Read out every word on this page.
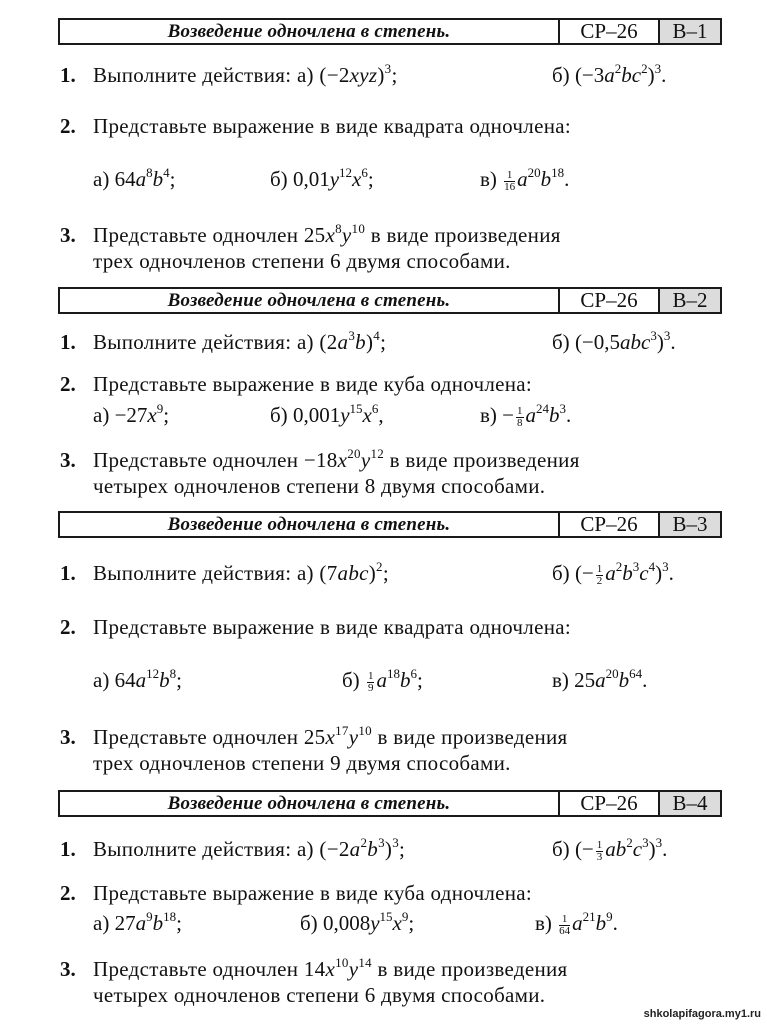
Возведение одночлена в степень.	СР–26	В–1
1. Выполните действия: а) $(-2xyz)^3$;	б) $(-3a^2bc^2)^3$.
2. Представьте выражение в виде квадрата одночлена:
а) $64a^8b^4$;	б) $0,01y^{12}x^6$;	$в) \frac{1}{16} a^{20}b^{18}$.
3. Представьте одночлен $25x^8y^{10}$ в виде произведения
трех одночленов степени 6 двумя способами.
Возведение одночлена в степень.	СР–26	В–2
1. Выполните действия: а) $(2a^3b)^4$;	б) $(-0,5abc^3)^3$.
2. Представьте выражение в виде куба одночлена:
$а) -27x^9$;	б) $0,001y^{15}x^6$,	$в) - \frac{1}{8} a^{24}b^3$.
3. Представьте одночлен $-18x^{20}y^{12}$ в виде произведения
четырех одночленов степени 8 двумя способами.
Возведение одночлена в степень.	СР–26	В–3
1. Выполните действия: а) $(7abc)^2$;	б) (− $\frac{1}{2} a^2b^3c^4)^3$.
2. Представьте выражение в виде квадрата одночлена:
а) $64a^{12}b^8$;	$б) \frac{1}{9} a^{18}b^6$;	в) $25a^{20}b^{64}$.
3. Представьте одночлен $25x^{17}y^{10}$ в виде произведения
трех одночленов степени 9 двумя способами.
Возведение одночлена в степень.	СР–26	В–4
1. Выполните действия: а) $(-2a^2b^3)^3$;	б) (− $\frac{1}{3} ab^2c^3)^3$.
2. Представьте выражение в виде куба одночлена:
а) $27a^9b^{18}$;	б) $0,008y^{15}x^9$;	$в) \frac{1}{64} a^{21}b^9$.
3. Представьте одночлен $14x^{10}y^{14}$ в виде произведения
четырех одночленов степени 6 двумя способами.
shkolapifagora.my1.ru
